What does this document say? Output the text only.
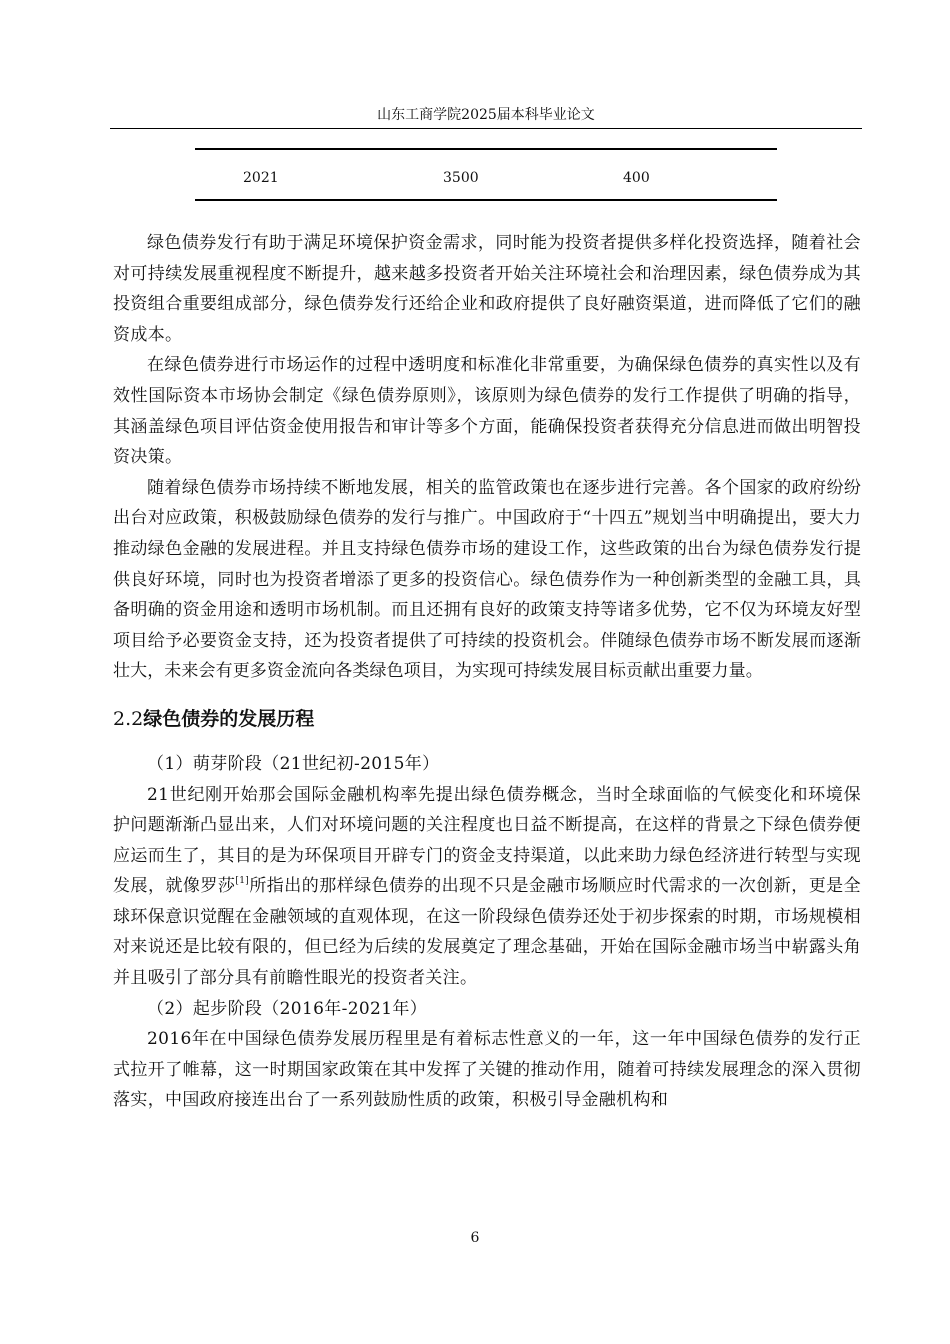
山东工商学院2025届本科毕业论文
2021	3500	400

绿色债券发行有助于满足环境保护资金需求，同时能为投资者提供多样化投资选择，随着社会对可持续发展重视程度不断提升，越来越多投资者开始关注环境社会和治理因素，绿色债券成为其投资组合重要组成部分，绿色债券发行还给企业和政府提供了良好融资渠道，进而降低了它们的融资成本。

在绿色债券进行市场运作的过程中透明度和标准化非常重要，为确保绿色债券的真实性以及有效性国际资本市场协会制定《绿色债券原则》，该原则为绿色债券的发行工作提供了明确的指导，其涵盖绿色项目评估资金使用报告和审计等多个方面，能确保投资者获得充分信息进而做出明智投资决策。

随着绿色债券市场持续不断地发展，相关的监管政策也在逐步进行完善。各个国家的政府纷纷出台对应政策，积极鼓励绿色债券的发行与推广。中国政府于“十四五”规划当中明确提出，要大力推动绿色金融的发展进程。并且支持绿色债券市场的建设工作，这些政策的出台为绿色债券发行提供良好环境，同时也为投资者增添了更多的投资信心。绿色债券作为一种创新类型的金融工具，具备明确的资金用途和透明市场机制。而且还拥有良好的政策支持等诸多优势，它不仅为环境友好型项目给予必要资金支持，还为投资者提供了可持续的投资机会。伴随绿色债券市场不断发展而逐渐壮大，未来会有更多资金流向各类绿色项目，为实现可持续发展目标贡献出重要力量。

2.2绿色债券的发展历程

（1）萌芽阶段（21世纪初-2015年）

21世纪刚开始那会国际金融机构率先提出绿色债券概念，当时全球面临的气候变化和环境保护问题渐渐凸显出来，人们对环境问题的关注程度也日益不断提高，在这样的背景之下绿色债券便应运而生了，其目的是为环保项目开辟专门的资金支持渠道，以此来助力绿色经济进行转型与实现发展，就像罗莎[1]所指出的那样绿色债券的出现不只是金融市场顺应时代需求的一次创新，更是全球环保意识觉醒在金融领域的直观体现，在这一阶段绿色债券还处于初步探索的时期，市场规模相对来说还是比较有限的，但已经为后续的发展奠定了理念基础，开始在国际金融市场当中崭露头角并且吸引了部分具有前瞻性眼光的投资者关注。

（2）起步阶段（2016年-2021年）

2016年在中国绿色债券发展历程里是有着标志性意义的一年，这一年中国绿色债券的发行正式拉开了帷幕，这一时期国家政策在其中发挥了关键的推动作用，随着可持续发展理念的深入贯彻落实，中国政府接连出台了一系列鼓励性质的政策，积极引导金融机构和

6
